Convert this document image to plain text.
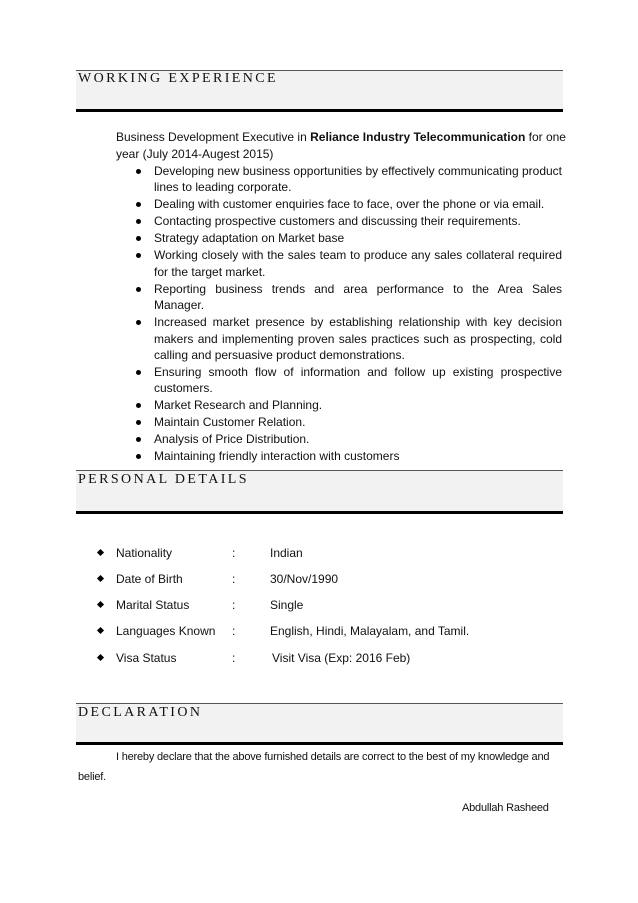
WORKING EXPERIENCE
Business Development Executive in Reliance Industry Telecommunication for one year (July 2014-Augest 2015)
Developing new business opportunities by effectively communicating product lines to leading corporate.
Dealing with customer enquiries face to face, over the phone or via email.
Contacting prospective customers and discussing their requirements.
Strategy adaptation on Market base
Working closely with the sales team to produce any sales collateral required for the target market.
Reporting business trends and area performance to the Area Sales Manager.
Increased market presence by establishing relationship with key decision makers and implementing proven sales practices such as prospecting, cold calling and persuasive product demonstrations.
Ensuring smooth flow of information and follow up existing prospective customers.
Market Research and Planning.
Maintain Customer Relation.
Analysis of Price Distribution.
Maintaining friendly interaction with customers
PERSONAL DETAILS
Nationality	:	Indian
Date of Birth	:	30/Nov/1990
Marital Status	:	Single
Languages Known :	English, Hindi, Malayalam, and Tamil.
Visa Status	:	Visit Visa (Exp: 2016 Feb)
DECLARATION
I hereby declare that the above furnished details are correct to the best of my knowledge and belief.
Abdullah Rasheed
